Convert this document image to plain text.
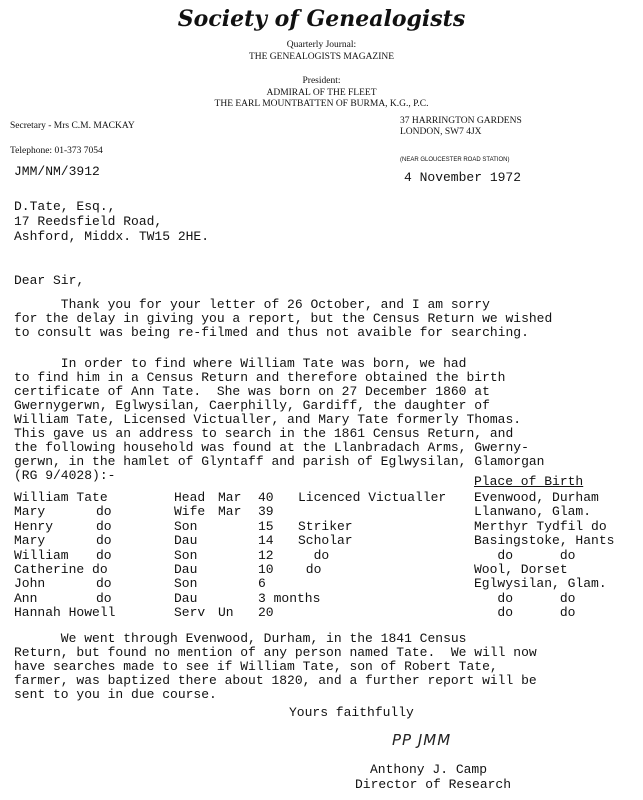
Society of Genealogists
Quarterly Journal:
THE GENEALOGISTS MAGAZINE
President:
ADMIRAL OF THE FLEET
THE EARL MOUNTBATTEN OF BURMA, K.G., P.C.
Secretary - Mrs C.M. MACKAY
Telephone: 01-373 7054
37 HARRINGTON GARDENS
LONDON, SW7 4JX
(NEAR GLOUCESTER ROAD STATION)
JMM/NM/3912	4 November 1972
D.Tate, Esq.,
17 Reedsfield Road,
Ashford, Middx. TW15 2HE.
Dear Sir,
Thank you for your letter of 26 October, and I am sorry
for the delay in giving you a report, but the Census Return we wished
to consult was being re-filmed and thus not avaible for searching.
In order to find where William Tate was born, we had
to find him in a Census Return and therefore obtained the birth
certificate of Ann Tate.  She was born on 27 December 1860 at
Gwernygerwn, Eglwysilan, Caerphilly, Gardiff, the daughter of
William Tate, Licensed Victualler, and Mary Tate formerly Thomas.
This gave us an address to search in the 1861 Census Return, and
the following household was found at the Llanbradach Arms, Gwerny-
gerwn, in the hamlet of Glyntaff and parish of Eglwysilan, Glamorgan
(RG 9/4028):-	Place of Birth
William Tate	Head Mar 40 Licenced Victualler Evenwood, Durham
Mary	do	Wife Mar 39	Llanwano, Glam.
Henry	do	Son	15 Striker	Merthyr Tydfil do
Mary	do	Dau	14 Scholar	Basingstoke, Hants
William do	Son	12 do	do      do
Catherine do	Dau	10 do	Wool, Dorset
John	do	Son	6	Eglwysilan, Glam.
Ann	do	Dau	3 months	do      do
Hannah Howell	Serv Un 20	do      do
We went through Evenwood, Durham, in the 1841 Census
Return, but found no mention of any person named Tate.  We will now
have searches made to see if William Tate, son of Robert Tate,
farmer, was baptized there about 1820, and a further report will be
sent to you in due course.
Yours faithfully
PP JMM
Anthony J. Camp
Director of Research
